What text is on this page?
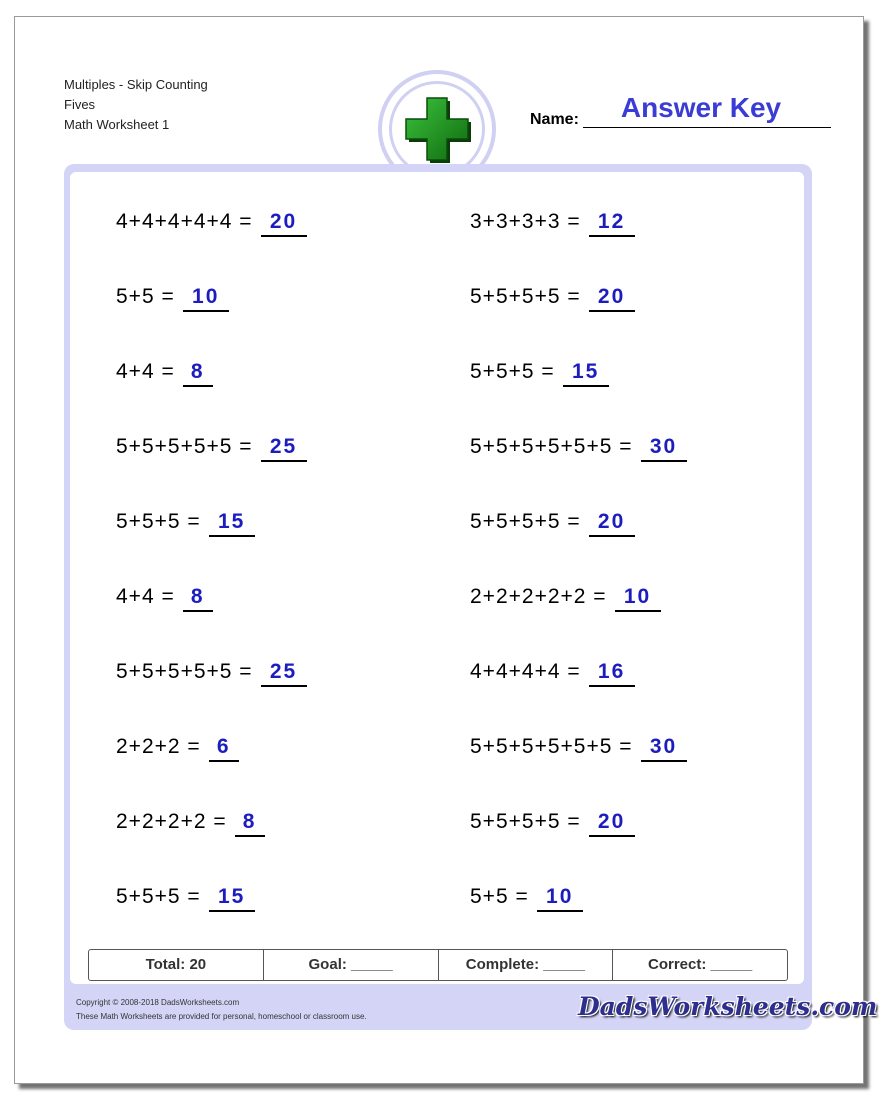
Multiples - Skip Counting
Fives
Math Worksheet 1	Name:	Answer Key
4+4+4+4+4 = 20
5+5 = 10
4+4 = 8
5+5+5+5+5 = 25
5+5+5 = 15
4+4 = 8
5+5+5+5+5 = 25
2+2+2 = 6
2+2+2+2 = 8
5+5+5 = 15
3+3+3+3 = 12
5+5+5+5 = 20
5+5+5 = 15
5+5+5+5+5+5 = 30
5+5+5+5 = 20
2+2+2+2+2 = 10
4+4+4+4 = 16
5+5+5+5+5+5 = 30
5+5+5+5 = 20
5+5 = 10
Total: 20	Goal: _____	Complete: _____	Correct: _____
Copyright © 2008-2018 DadsWorksheets.com
These Math Worksheets are provided for personal, homeschool or classroom use.	DadsWorksheets.com
